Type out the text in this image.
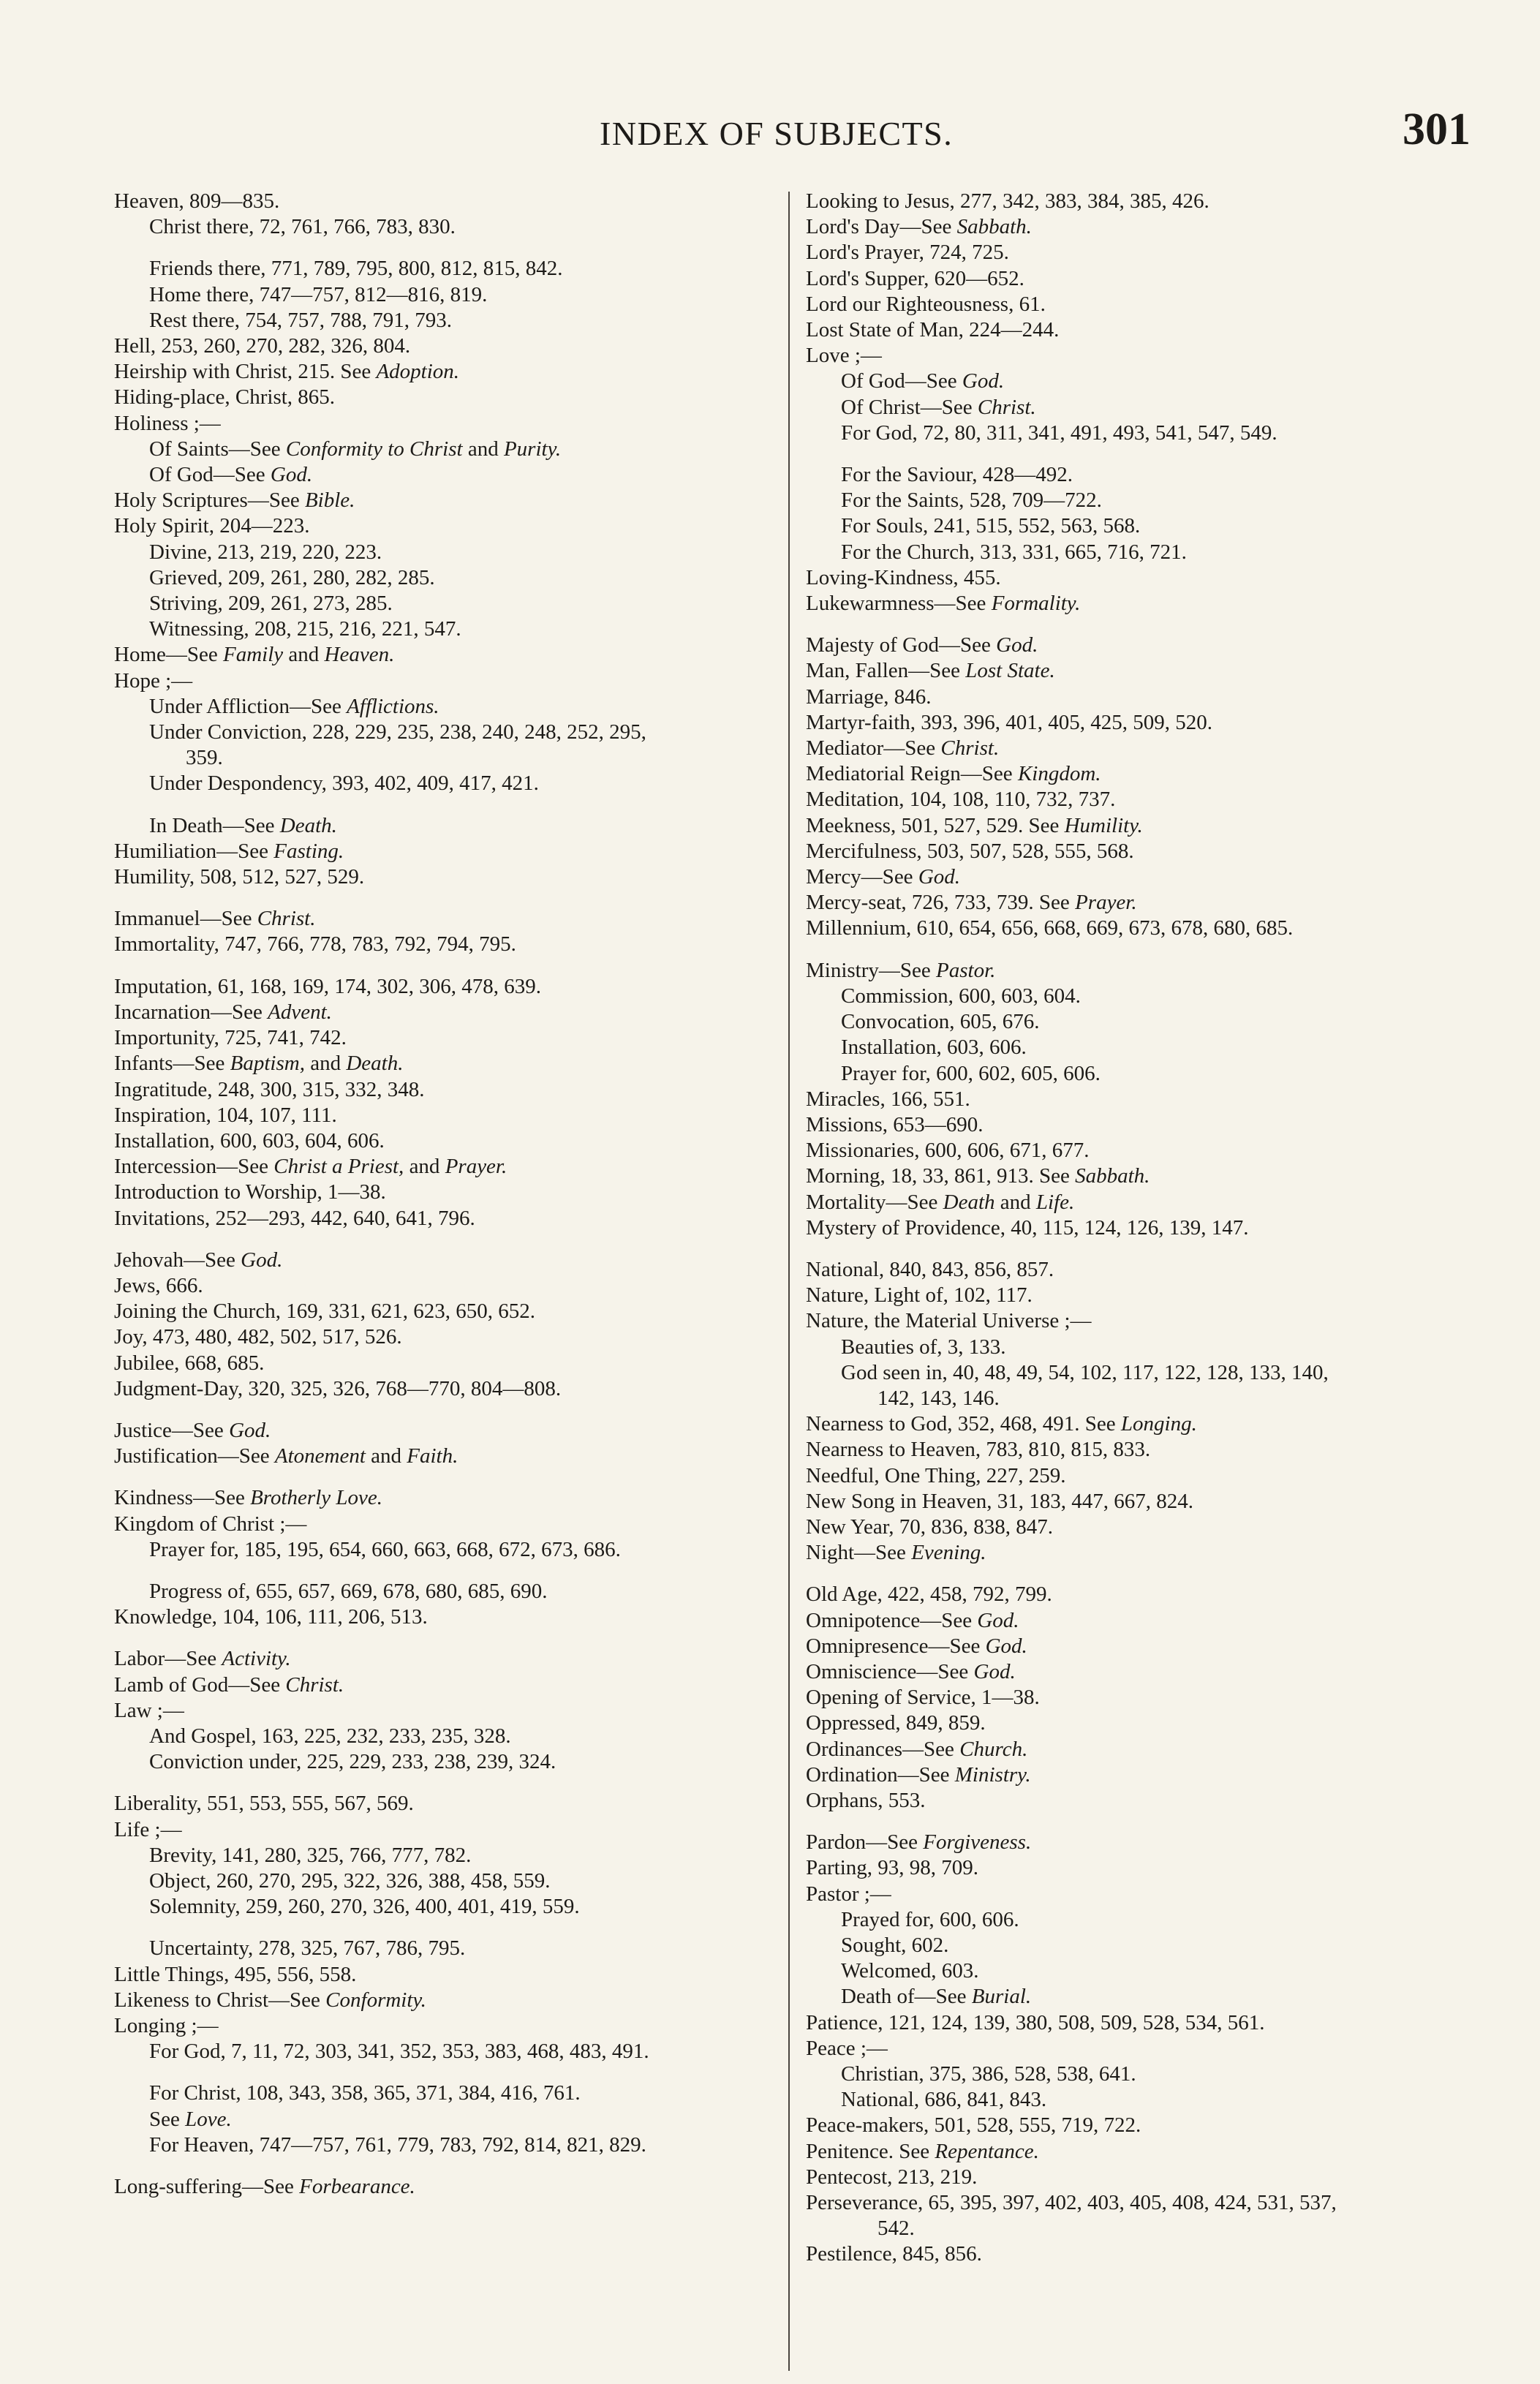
INDEX OF SUBJECTS.	301
Heaven, 809—835.
Christ there, 72, 761, 766, 783, 830.
Friends there, 771, 789, 795, 800, 812, 815, 842.
Home there, 747—757, 812—816, 819.
Rest there, 754, 757, 788, 791, 793.
Hell, 253, 260, 270, 282, 326, 804.
Heirship with Christ, 215. See Adoption.
Hiding-place, Christ, 865.
Holiness ;—
Of Saints—See Conformity to Christ and Purity.
Of God—See God.
Holy Scriptures—See Bible.
Holy Spirit, 204—223.
Divine, 213, 219, 220, 223.
Grieved, 209, 261, 280, 282, 285.
Striving, 209, 261, 273, 285.
Witnessing, 208, 215, 216, 221, 547.
Home—See Family and Heaven.
Hope ;—
Under Affliction—See Afflictions.
Under Conviction, 228, 229, 235, 238, 240, 248, 252, 295,
359.
Under Despondency, 393, 402, 409, 417, 421.
In Death—See Death.
Humiliation—See Fasting.
Humility, 508, 512, 527, 529.
Immanuel—See Christ.
Immortality, 747, 766, 778, 783, 792, 794, 795.
Imputation, 61, 168, 169, 174, 302, 306, 478, 639.
Incarnation—See Advent.
Importunity, 725, 741, 742.
Infants—See Baptism, and Death.
Ingratitude, 248, 300, 315, 332, 348.
Inspiration, 104, 107, 111.
Installation, 600, 603, 604, 606.
Intercession—See Christ a Priest, and Prayer.
Introduction to Worship, 1—38.
Invitations, 252—293, 442, 640, 641, 796.
Jehovah—See God.
Jews, 666.
Joining the Church, 169, 331, 621, 623, 650, 652.
Joy, 473, 480, 482, 502, 517, 526.
Jubilee, 668, 685.
Judgment-Day, 320, 325, 326, 768—770, 804—808.
Justice—See God.
Justification—See Atonement and Faith.
Kindness—See Brotherly Love.
Kingdom of Christ ;—
Prayer for, 185, 195, 654, 660, 663, 668, 672, 673, 686.
Progress of, 655, 657, 669, 678, 680, 685, 690.
Knowledge, 104, 106, 111, 206, 513.
Labor—See Activity.
Lamb of God—See Christ.
Law ;—
And Gospel, 163, 225, 232, 233, 235, 328.
Conviction under, 225, 229, 233, 238, 239, 324.
Liberality, 551, 553, 555, 567, 569.
Life ;—
Brevity, 141, 280, 325, 766, 777, 782.
Object, 260, 270, 295, 322, 326, 388, 458, 559.
Solemnity, 259, 260, 270, 326, 400, 401, 419, 559.
Uncertainty, 278, 325, 767, 786, 795.
Little Things, 495, 556, 558.
Likeness to Christ—See Conformity.
Longing ;—
For God, 7, 11, 72, 303, 341, 352, 353, 383, 468, 483, 491.
For Christ, 108, 343, 358, 365, 371, 384, 416, 761.
See Love.
For Heaven, 747—757, 761, 779, 783, 792, 814, 821, 829.
Long-suffering—See Forbearance.
Looking to Jesus, 277, 342, 383, 384, 385, 426.
Lord's Day—See Sabbath.
Lord's Prayer, 724, 725.
Lord's Supper, 620—652.
Lord our Righteousness, 61.
Lost State of Man, 224—244.
Love ;—
Of God—See God.
Of Christ—See Christ.
For God, 72, 80, 311, 341, 491, 493, 541, 547, 549.
For the Saviour, 428—492.
For the Saints, 528, 709—722.
For Souls, 241, 515, 552, 563, 568.
For the Church, 313, 331, 665, 716, 721.
Loving-Kindness, 455.
Lukewarmness—See Formality.
Majesty of God—See God.
Man, Fallen—See Lost State.
Marriage, 846.
Martyr-faith, 393, 396, 401, 405, 425, 509, 520.
Mediator—See Christ.
Mediatorial Reign—See Kingdom.
Meditation, 104, 108, 110, 732, 737.
Meekness, 501, 527, 529. See Humility.
Mercifulness, 503, 507, 528, 555, 568.
Mercy—See God.
Mercy-seat, 726, 733, 739. See Prayer.
Millennium, 610, 654, 656, 668, 669, 673, 678, 680, 685.
Ministry—See Pastor.
Commission, 600, 603, 604.
Convocation, 605, 676.
Installation, 603, 606.
Prayer for, 600, 602, 605, 606.
Miracles, 166, 551.
Missions, 653—690.
Missionaries, 600, 606, 671, 677.
Morning, 18, 33, 861, 913. See Sabbath.
Mortality—See Death and Life.
Mystery of Providence, 40, 115, 124, 126, 139, 147.
National, 840, 843, 856, 857.
Nature, Light of, 102, 117.
Nature, the Material Universe ;—
Beauties of, 3, 133.
God seen in, 40, 48, 49, 54, 102, 117, 122, 128, 133, 140,
142, 143, 146.
Nearness to God, 352, 468, 491. See Longing.
Nearness to Heaven, 783, 810, 815, 833.
Needful, One Thing, 227, 259.
New Song in Heaven, 31, 183, 447, 667, 824.
New Year, 70, 836, 838, 847.
Night—See Evening.
Old Age, 422, 458, 792, 799.
Omnipotence—See God.
Omnipresence—See God.
Omniscience—See God.
Opening of Service, 1—38.
Oppressed, 849, 859.
Ordinances—See Church.
Ordination—See Ministry.
Orphans, 553.
Pardon—See Forgiveness.
Parting, 93, 98, 709.
Pastor ;—
Prayed for, 600, 606.
Sought, 602.
Welcomed, 603.
Death of—See Burial.
Patience, 121, 124, 139, 380, 508, 509, 528, 534, 561.
Peace ;—
Christian, 375, 386, 528, 538, 641.
National, 686, 841, 843.
Peace-makers, 501, 528, 555, 719, 722.
Penitence. See Repentance.
Pentecost, 213, 219.
Perseverance, 65, 395, 397, 402, 403, 405, 408, 424, 531, 537,
542.
Pestilence, 845, 856.
